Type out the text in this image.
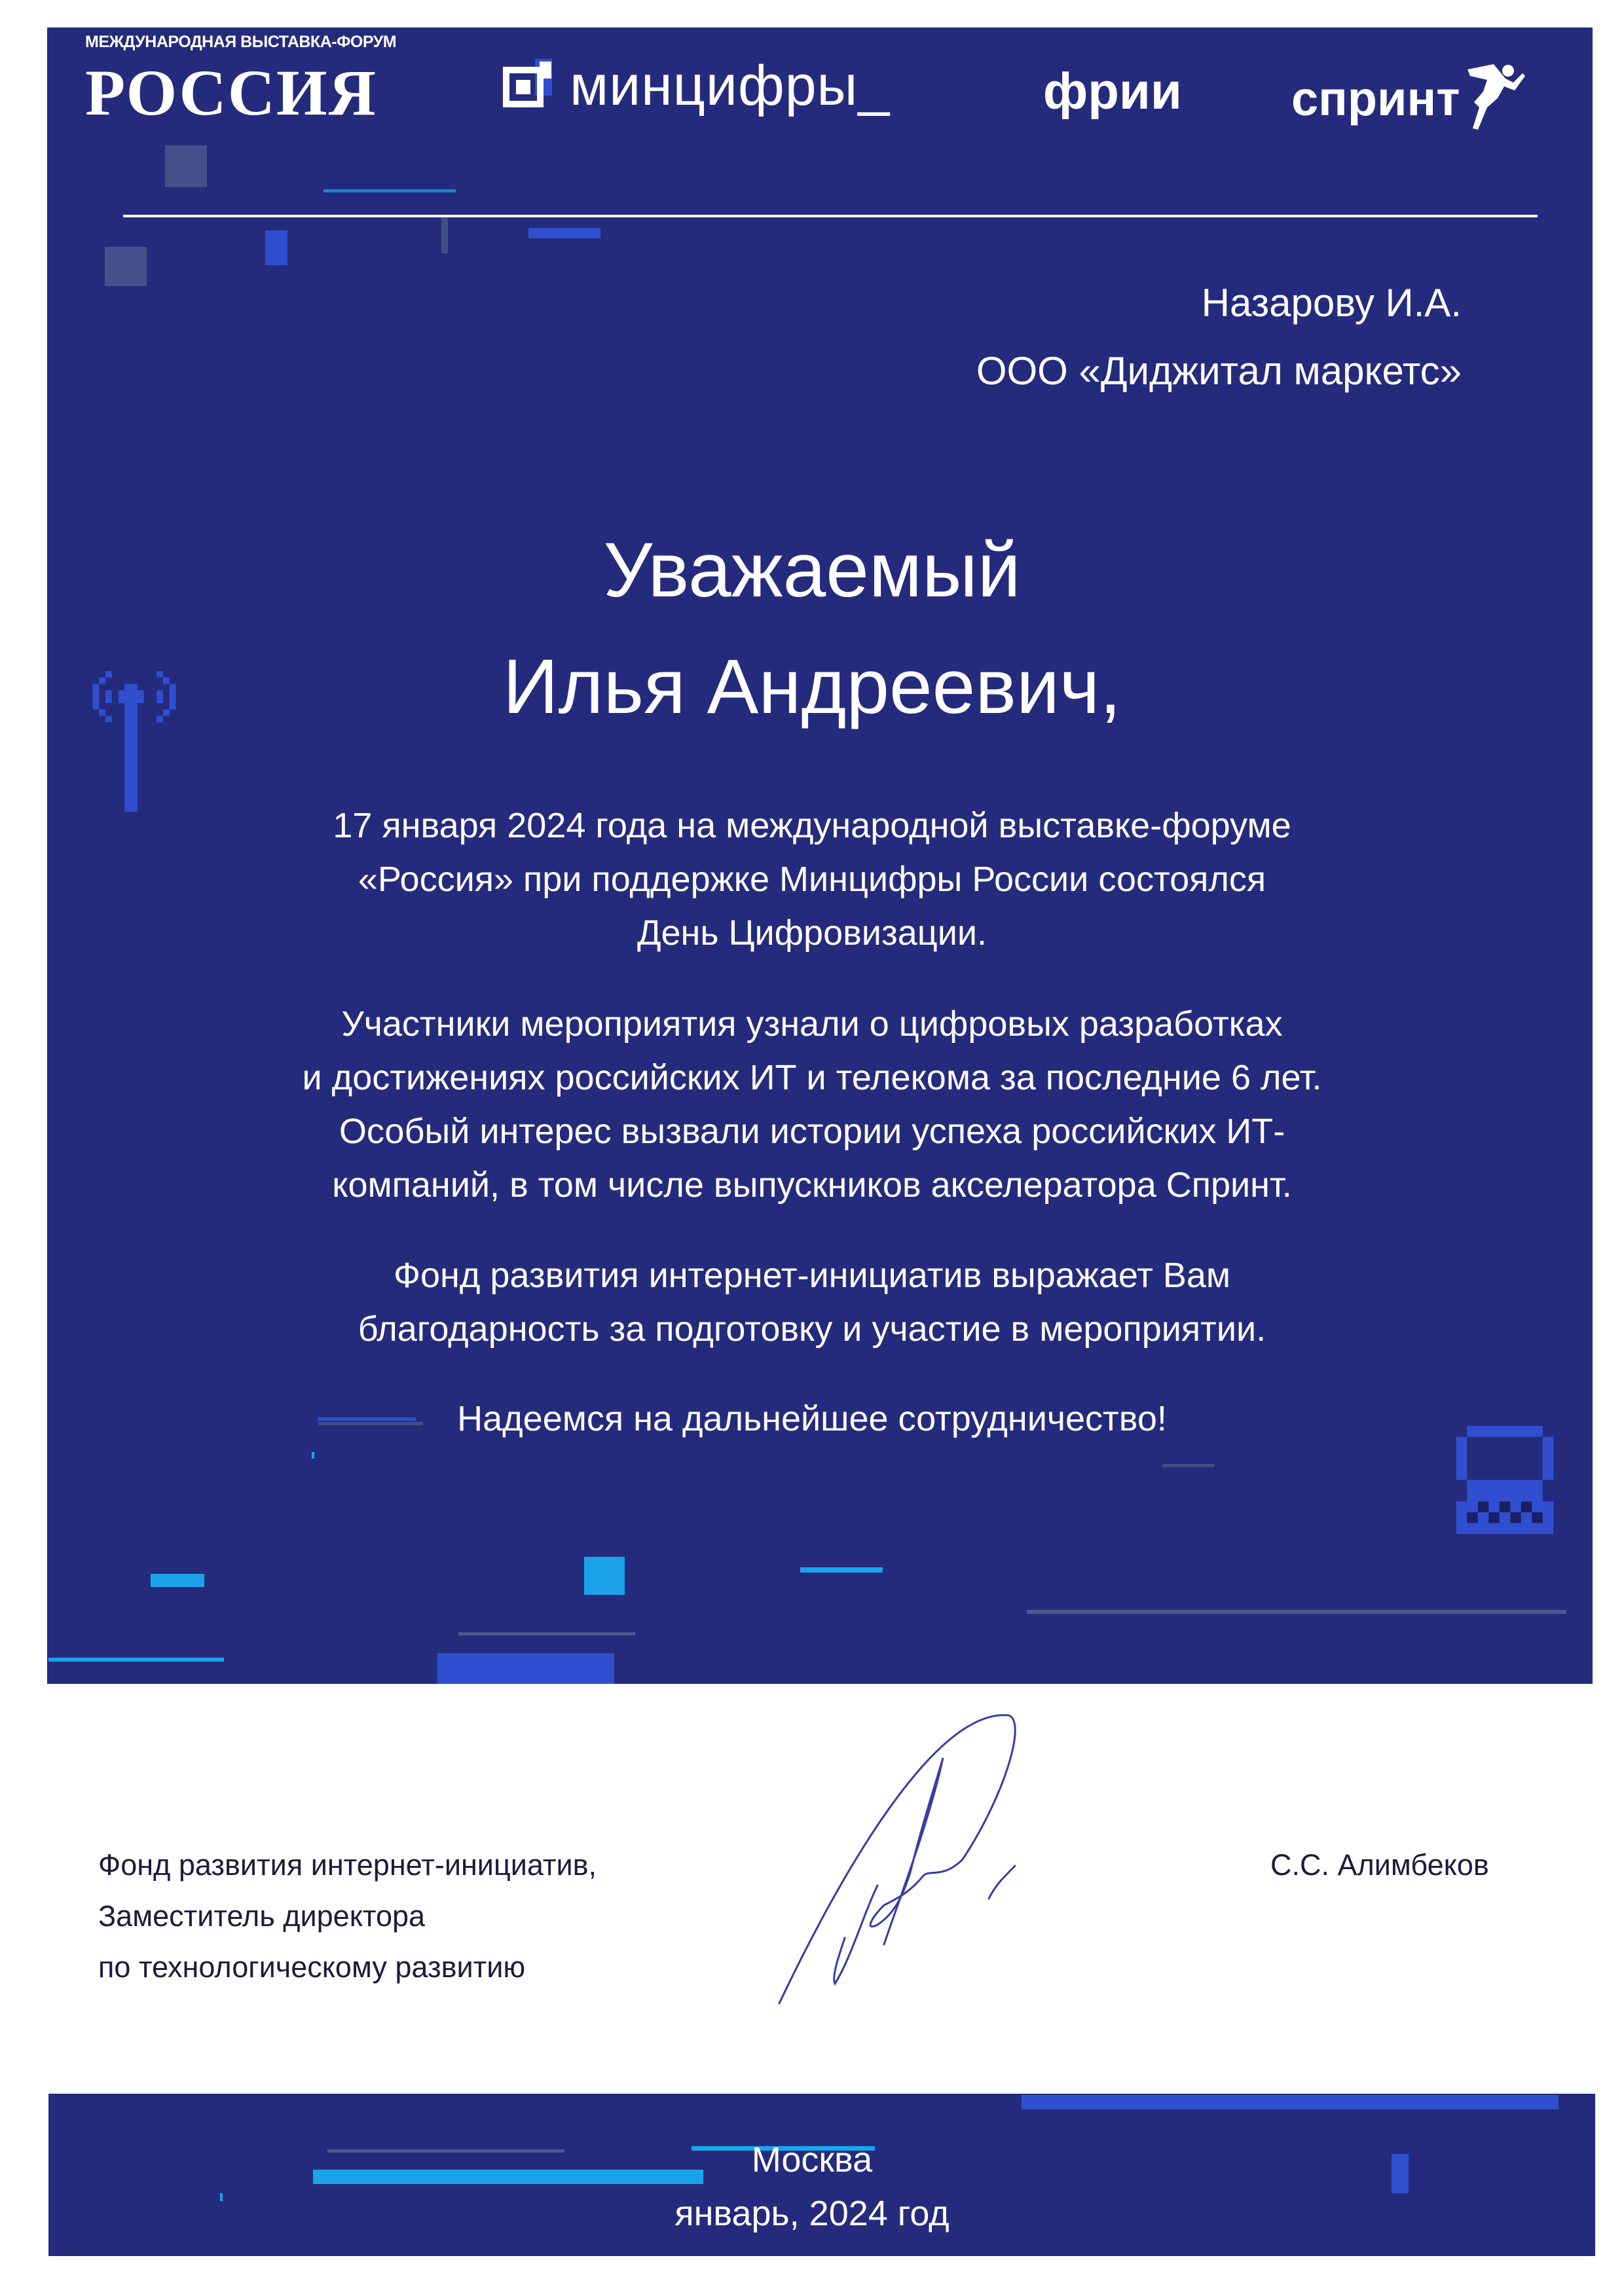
МЕЖДУНАРОДНАЯ ВЫСТАВКА-ФОРУМ
РОССИЯ	минцифры_	фрии спринт
Назарову И.А.
ООО «Диджитал маркетс»
Уважаемый
Илья Андреевич,
17 января 2024 года на международной выставке-форуме
«Россия» при поддержке Минцифры России состоялся
День Цифровизации.
Участники мероприятия узнали о цифровых разработках
и достижениях российских ИТ и телекома за последние 6 лет.
Особый интерес вызвали истории успеха российских ИТ-
компаний, в том числе выпускников акселератора Спринт.
Фонд развития интернет-инициатив выражает Вам
благодарность за подготовку и участие в мероприятии.
Надеемся на дальнейшее сотрудничество!
Фонд развития интернет-инициатив,
Заместитель директора
по технологическому развитию
С.С. Алимбеков
Москва
январь, 2024 год
